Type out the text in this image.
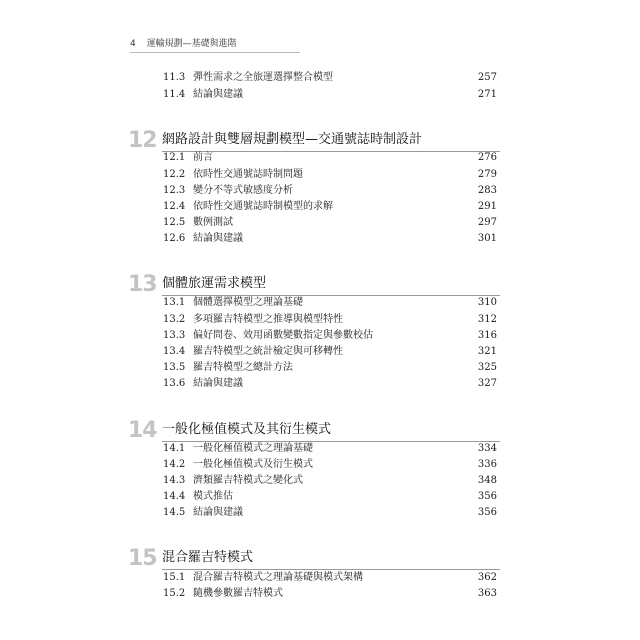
4 運輸規劃—基礎與進階
11.3 彈性需求之全旅運選擇整合模型	257
11.4 結論與建議	271
12 網路設計與雙層規劃模型—交通號誌時制設計
12.1 前言	276
12.2 依時性交通號誌時制問題	279
12.3 變分不等式敏感度分析	283
12.4 依時性交通號誌時制模型的求解	291
12.5 數例測試	297
12.6 結論與建議	301
13 個體旅運需求模型
13.1 個體選擇模型之理論基礎	310
13.2 多項羅吉特模型之推導與模型特性	312
13.3 偏好問卷、效用函數變數指定與參數校估	316
13.4 羅吉特模型之統計檢定與可移轉性	321
13.5 羅吉特模型之總計方法	325
13.6 結論與建議	327
14 一般化極值模式及其衍生模式
14.1 一般化極值模式之理論基礎	334
14.2 一般化極值模式及衍生模式	336
14.3 濟類羅吉特模式之變化式	348
14.4 模式推估	356
14.5 結論與建議	356
15 混合羅吉特模式
15.1 混合羅吉特模式之理論基礎與模式架構	362
15.2 隨機參數羅吉特模式	363
